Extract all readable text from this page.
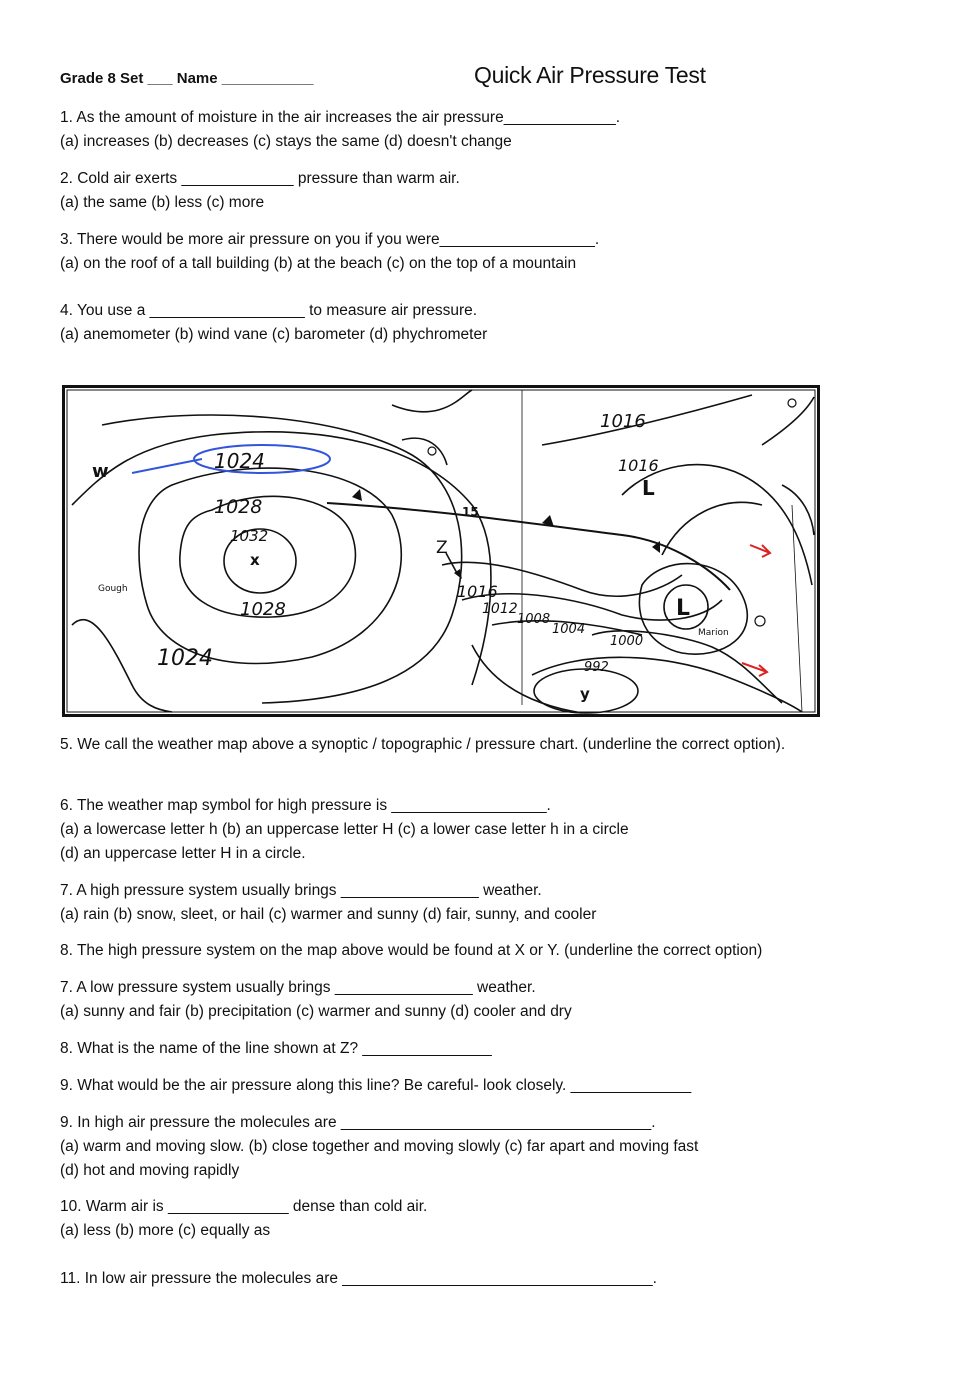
Grade 8 Set ___ Name ___________	Quick Air Pressure Test
1. As the amount of moisture in the air increases the air pressure_____________.
(a) increases (b) decreases (c) stays the same (d) doesn't change
2. Cold air exerts _____________ pressure than warm air.
(a) the same (b) less (c) more
3. There would be more air pressure on you if you were__________________.
(a) on the roof of a tall building (b) at the beach (c) on the top of a mountain
4. You use a __________________ to measure air pressure.
(a) anemometer (b) wind vane (c) barometer (d) phychrometer
w	1024
1028
1032
x
1028
1024
Gough
Z
1016
1012
1008
1004
1000
992
y
1016
1016
L
L
15
Marion
5. We call the weather map above a synoptic / topographic / pressure chart. (underline the correct option).
6. The weather map symbol for high pressure is __________________.
(a) a lowercase letter h (b) an uppercase letter H (c) a lower case letter h in a circle
(d) an uppercase letter H in a circle.
7. A high pressure system usually brings ________________ weather.
(a) rain (b) snow, sleet, or hail (c) warmer and sunny (d) fair, sunny, and cooler
8. The high pressure system on the map above would be found at X or Y. (underline the correct option)
7. A low pressure system usually brings ________________ weather.
(a) sunny and fair (b) precipitation (c) warmer and sunny (d) cooler and dry
8. What is the name of the line shown at Z? _______________
9. What would be the air pressure along this line? Be careful- look closely. ______________
9. In high air pressure the molecules are ____________________________________.
(a) warm and moving slow. (b) close together and moving slowly (c) far apart and moving fast
(d) hot and moving rapidly
10. Warm air is ______________ dense than cold air.
(a) less (b) more (c) equally as
11. In low air pressure the molecules are ____________________________________.
